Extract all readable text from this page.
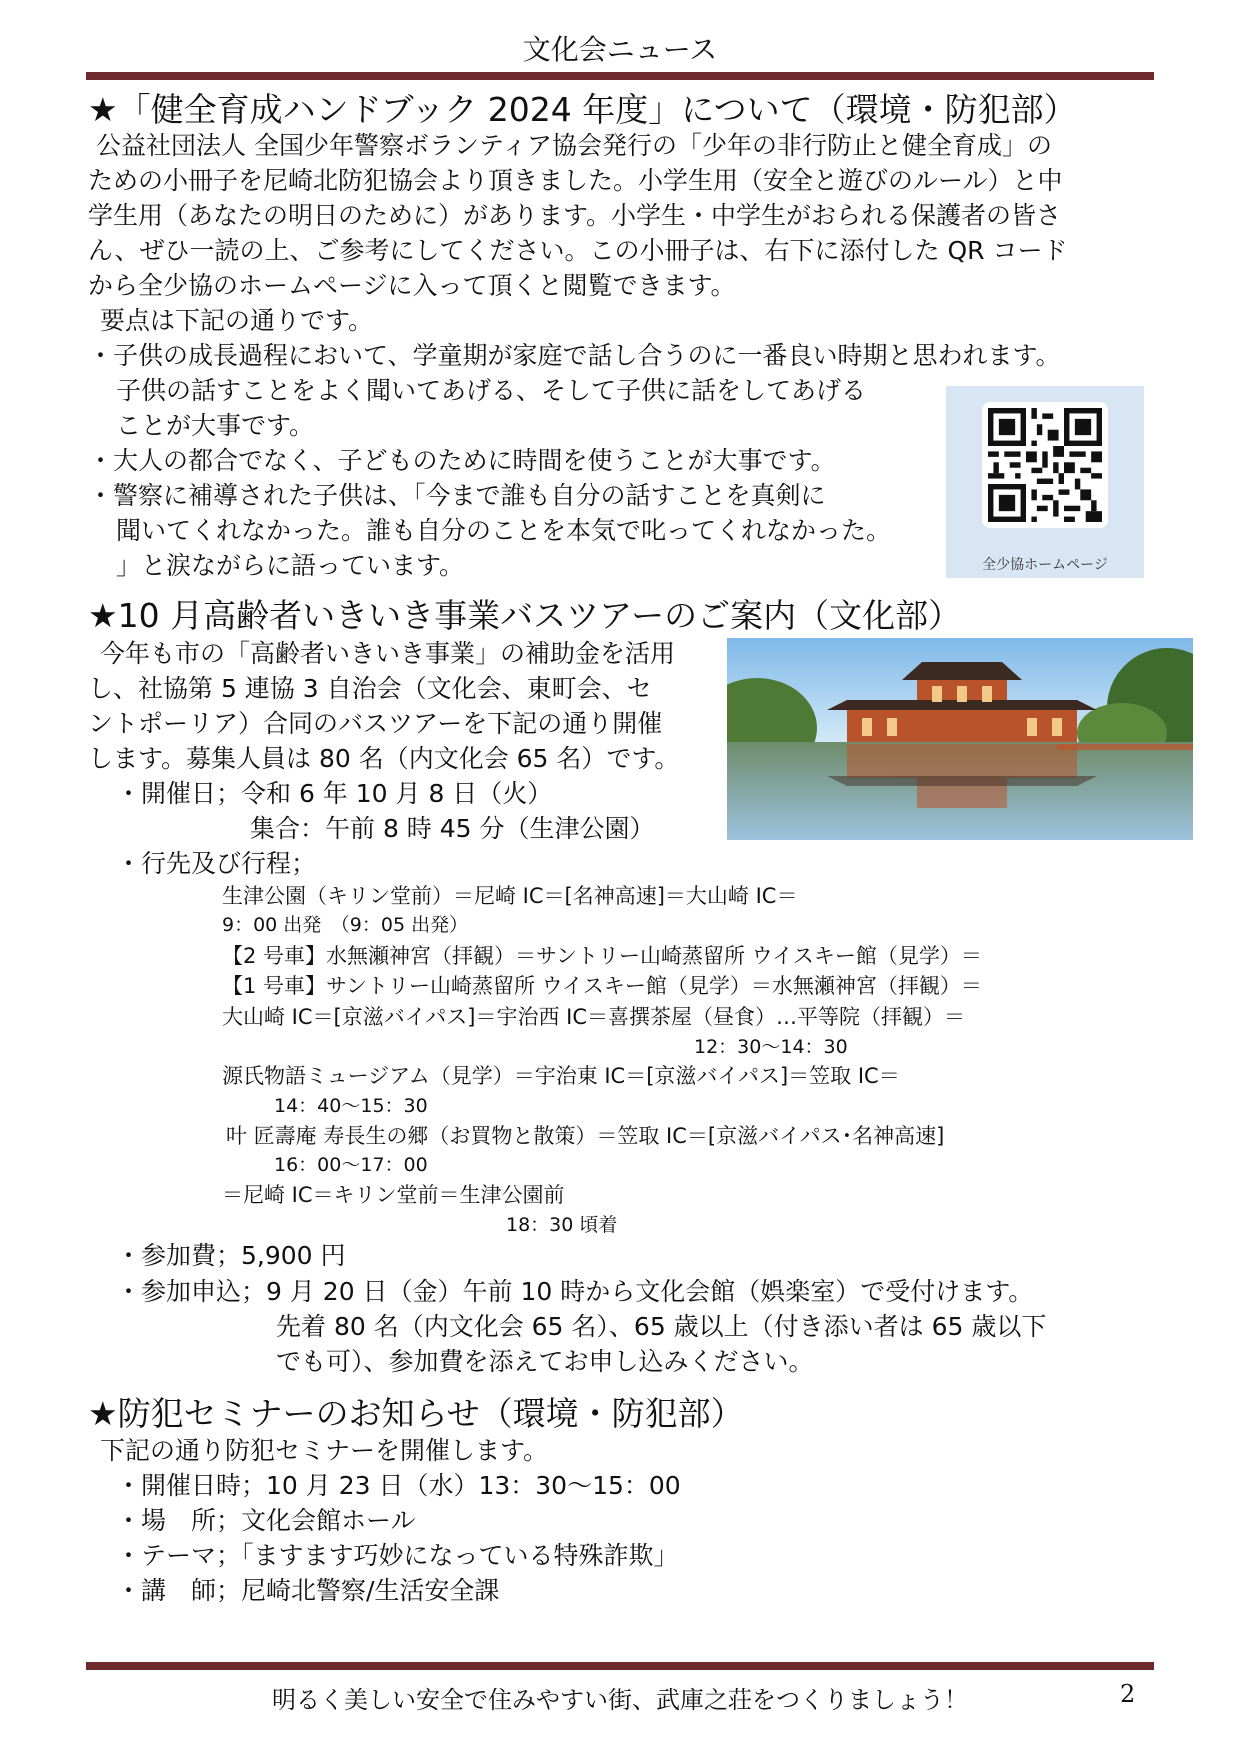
文化会ニュース
★「健全育成ハンドブック 2024 年度」について（環境・防犯部）
公益社団法人 全国少年警察ボランティア協会発行の「少年の非行防止と健全育成」の
ための小冊子を尼崎北防犯協会より頂きました。小学生用（安全と遊びのルール）と中
学生用（あなたの明日のために）があります。小学生・中学生がおられる保護者の皆さ
ん、ぜひ一読の上、ご参考にしてください。この小冊子は、右下に添付した QR コード
から全少協のホームページに入って頂くと閲覧できます。
要点は下記の通りです。
・子供の成長過程において、学童期が家庭で話し合うのに一番良い時期と思われます。
子供の話すことをよく聞いてあげる、そして子供に話をしてあげる
ことが大事です。
・大人の都合でなく、子どものために時間を使うことが大事です。
・警察に補導された子供は、「今まで誰も自分の話すことを真剣に
聞いてくれなかった。誰も自分のことを本気で叱ってくれなかった。
」と涙ながらに語っています。	全少協ホームページ
★10 月高齢者いきいき事業バスツアーのご案内（文化部）
今年も市の「高齢者いきいき事業」の補助金を活用
し、社協第 5 連協 3 自治会（文化会、東町会、セ
ントポーリア）合同のバスツアーを下記の通り開催
します。募集人員は 80 名（内文化会 65 名）です。
・開催日；令和 6 年 10 月 8 日（火）
集合：午前 8 時 45 分（生津公園）
・行先及び行程；
生津公園（キリン堂前）＝尼崎 IC＝[名神高速]＝大山崎 IC＝
9：00 出発　（9：05 出発）
【2 号車】水無瀬神宮（拝観）＝サントリー山崎蒸留所 ウイスキー館（見学）＝
【1 号車】サントリー山崎蒸留所 ウイスキー館（見学）＝水無瀬神宮（拝観）＝
大山崎 IC＝[京滋バイパス]＝宇治西 IC＝喜撰茶屋（昼食）…平等院（拝観）＝
12：30～14：30
源氏物語ミュージアム（見学）＝宇治東 IC＝[京滋バイパス]＝笠取 IC＝
14：40～15：30
叶 匠壽庵 寿長生の郷（お買物と散策）＝笠取 IC＝[京滋バイパス･名神高速]
16：00～17：00
＝尼崎 IC＝キリン堂前＝生津公園前
18：30 頃着
・参加費；5,900 円
・参加申込；9 月 20 日（金）午前 10 時から文化会館（娯楽室）で受付けます。
先着 80 名（内文化会 65 名）、65 歳以上（付き添い者は 65 歳以下
でも可）、参加費を添えてお申し込みください。
★防犯セミナーのお知らせ（環境・防犯部）
下記の通り防犯セミナーを開催します。
・開催日時；10 月 23 日（水）13：30～15：00
・場　所；文化会館ホール
・テーマ；「ますます巧妙になっている特殊詐欺」
・講　師；尼崎北警察/生活安全課
明るく美しい安全で住みやすい街、武庫之荘をつくりましょう！	2
